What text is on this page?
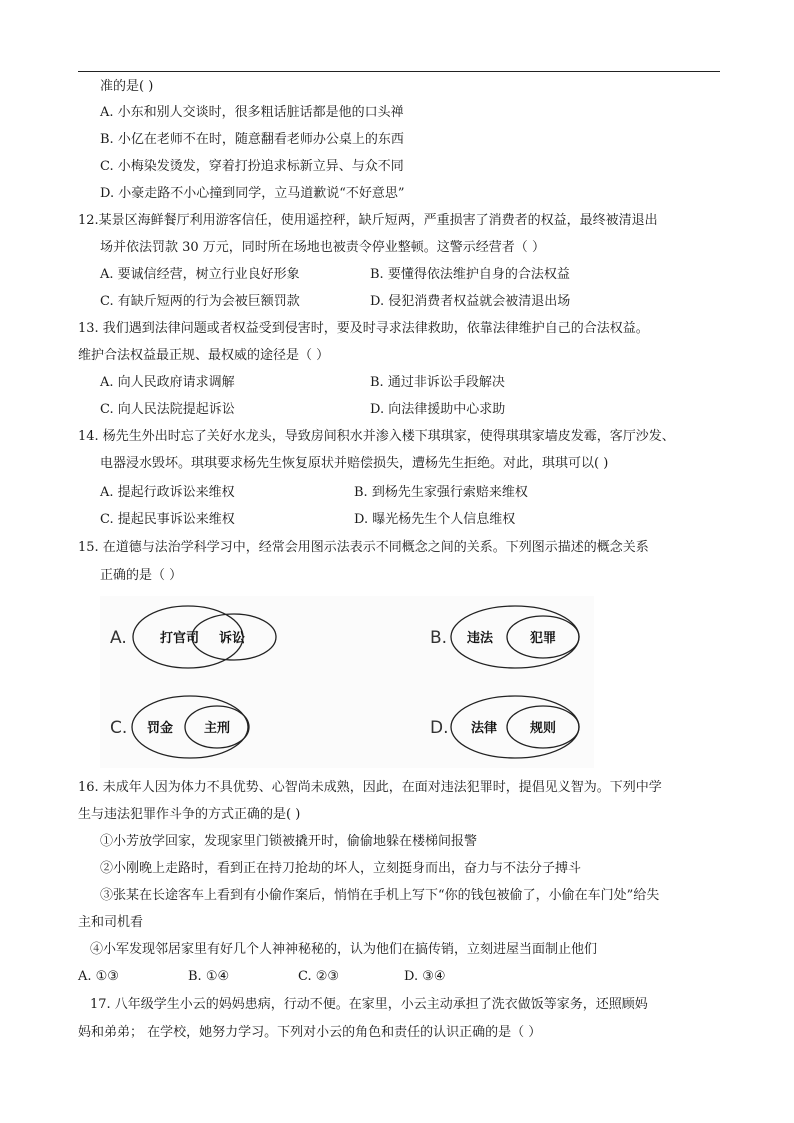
准的是( )
A. 小东和别人交谈时，很多粗话脏话都是他的口头禅
B. 小亿在老师不在时，随意翻看老师办公桌上的东西
C. 小梅染发烫发，穿着打扮追求标新立异、与众不同
D. 小豪走路不小心撞到同学，立马道歉说“不好意思”
12.某景区海鲜餐厅利用游客信任，使用遥控秤，缺斤短两，严重损害了消费者的权益，最终被清退出
场并依法罚款 30 万元，同时所在场地也被责令停业整顿。这警示经营者（ ）
A. 要诚信经营，树立行业良好形象	B. 要懂得依法维护自身的合法权益
C. 有缺斤短两的行为会被巨额罚款	D. 侵犯消费者权益就会被清退出场
13. 我们遇到法律问题或者权益受到侵害时，要及时寻求法律救助，依靠法律维护自己的合法权益。
维护合法权益最正规、最权威的途径是（ ）
A. 向人民政府请求调解	B. 通过非诉讼手段解决
C. 向人民法院提起诉讼	D. 向法律援助中心求助
14. 杨先生外出时忘了关好水龙头，导致房间积水并渗入楼下琪琪家，使得琪琪家墙皮发霉，客厅沙发、
电器浸水毁坏。琪琪要求杨先生恢复原状并赔偿损失，遭杨先生拒绝。对此，琪琪可以( )
A. 提起行政诉讼来维权	B. 到杨先生家强行索赔来维权
C. 提起民事诉讼来维权	D. 曝光杨先生个人信息维权
15. 在道德与法治学科学习中，经常会用图示法表示不同概念之间的关系。下列图示描述的概念关系
正确的是（ ）
A.	打官司 诉讼	B. 违法	犯罪
C. 罚金 主刑	D. 法律	规则
16. 未成年人因为体力不具优势、心智尚未成熟，因此，在面对违法犯罪时，提倡见义智为。下列中学
生与违法犯罪作斗争的方式正确的是( )
①小芳放学回家，发现家里门锁被撬开时，偷偷地躲在楼梯间报警
②小刚晚上走路时，看到正在持刀抢劫的坏人，立刻挺身而出，奋力与不法分子搏斗
③张某在长途客车上看到有小偷作案后，悄悄在手机上写下“你的钱包被偷了，小偷在车门处”给失
主和司机看
④小军发现邻居家里有好几个人神神秘秘的，认为他们在搞传销，立刻进屋当面制止他们
A. ①③	B. ①④	C. ②③	D. ③④
17. 八年级学生小云的妈妈患病，行动不便。在家里，小云主动承担了洗衣做饭等家务，还照顾妈
妈和弟弟； 在学校，她努力学习。下列对小云的角色和责任的认识正确的是（ ）
